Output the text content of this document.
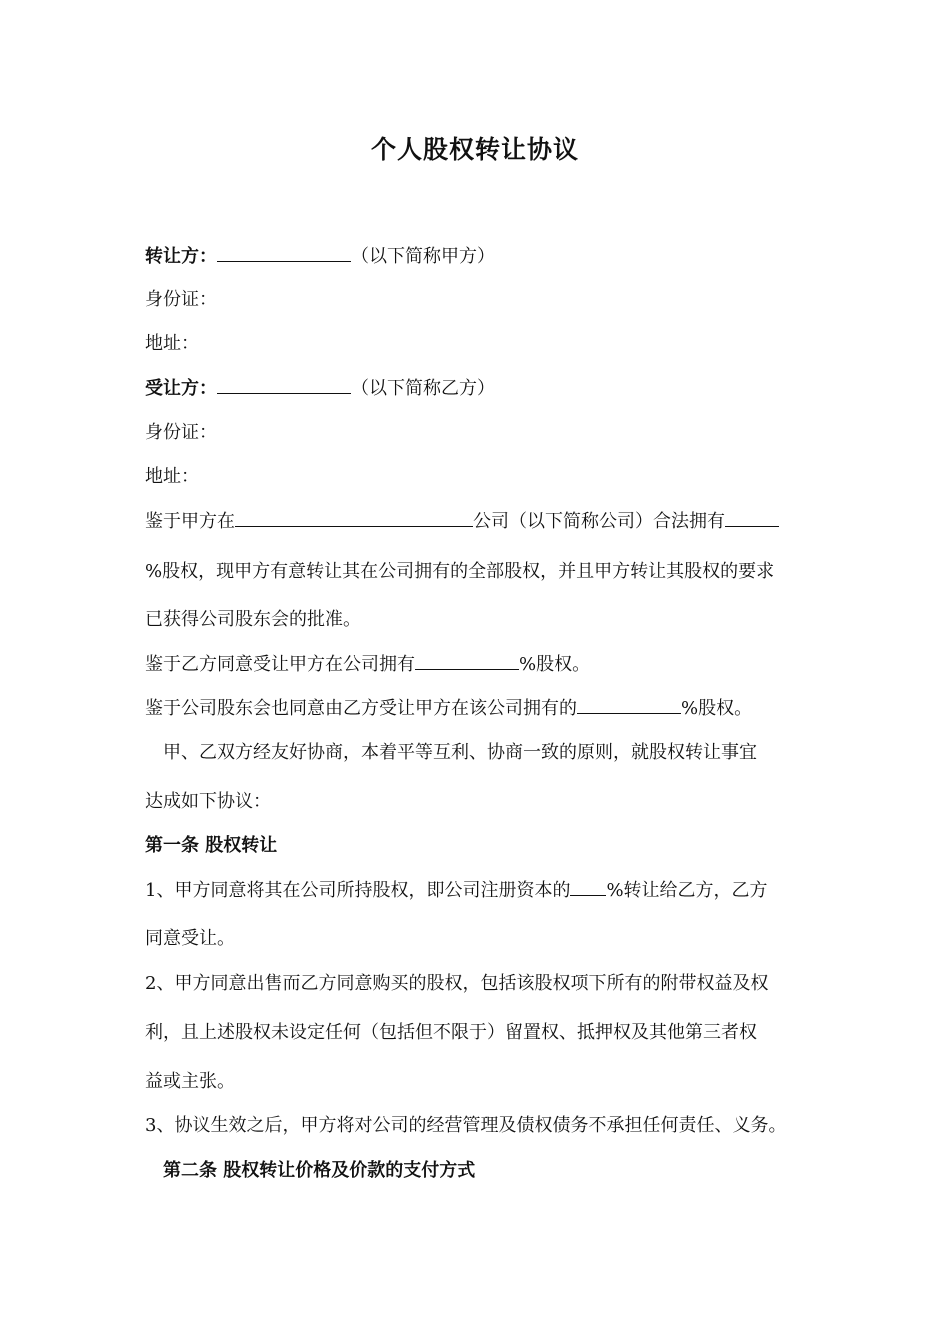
个人股权转让协议
转让方：	（以下简称甲方）
身份证：
地址：
受让方：	（以下简称乙方）
身份证：
地址：
鉴于甲方在	公司（以下简称公司）合法拥有
%股权，现甲方有意转让其在公司拥有的全部股权，并且甲方转让其股权的要求
已获得公司股东会的批准。
鉴于乙方同意受让甲方在公司拥有	%股权。
鉴于公司股东会也同意由乙方受让甲方在该公司拥有的	%股权。
甲、乙双方经友好协商，本着平等互利、协商一致的原则，就股权转让事宜
达成如下协议：
第一条 股权转让
1、甲方同意将其在公司所持股权，即公司注册资本的 %转让给乙方，乙方
同意受让。
2、甲方同意出售而乙方同意购买的股权，包括该股权项下所有的附带权益及权
利，且上述股权未设定任何（包括但不限于）留置权、抵押权及其他第三者权
益或主张。
3、协议生效之后，甲方将对公司的经营管理及债权债务不承担任何责任、义务。
第二条 股权转让价格及价款的支付方式
